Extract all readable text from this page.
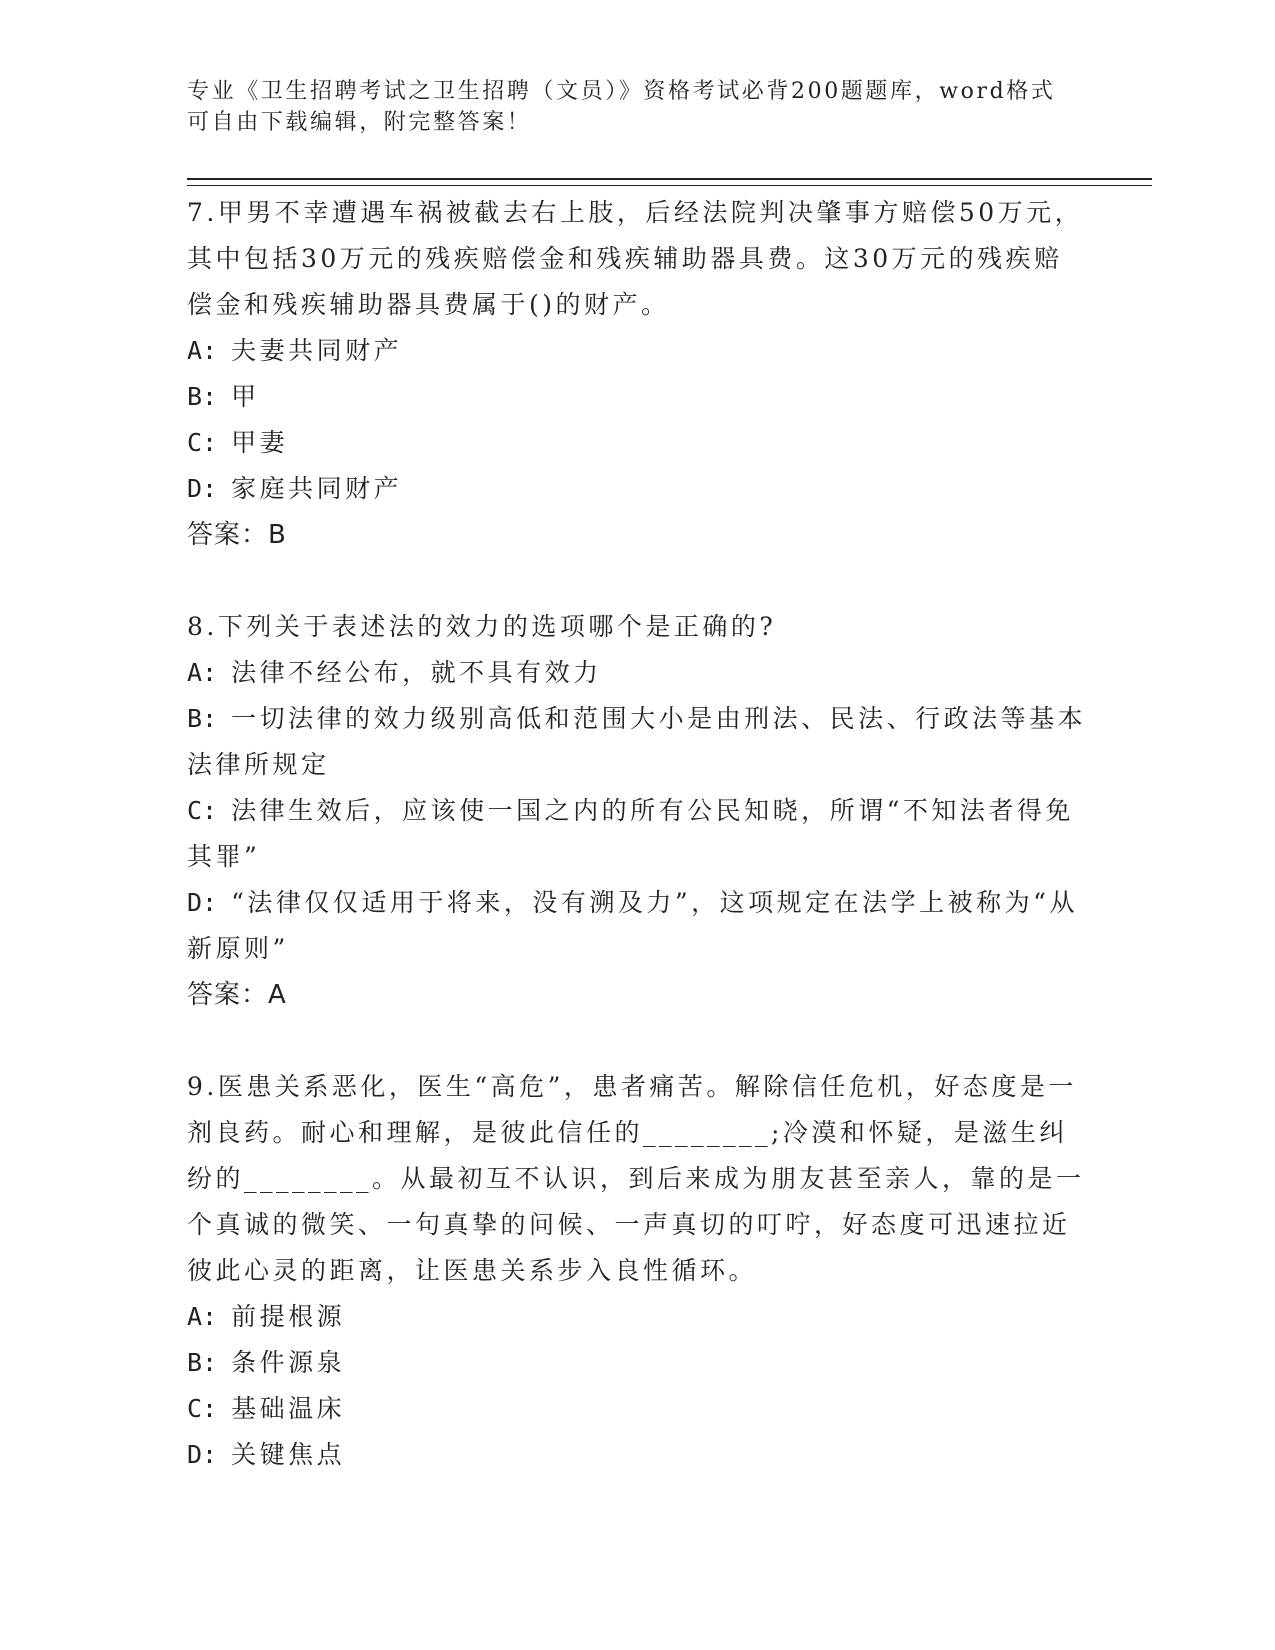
专业《卫生招聘考试之卫生招聘（文员）》资格考试必背200题题库，word格式
可自由下载编辑，附完整答案！
7.甲男不幸遭遇车祸被截去右上肢，后经法院判决肇事方赔偿50万元，其中包括30万元的残疾赔偿金和残疾辅助器具费。这30万元的残疾赔偿金和残疾辅助器具费属于()的财产。
A: 夫妻共同财产
B: 甲
C: 甲妻
D: 家庭共同财产
答案：B
8.下列关于表述法的效力的选项哪个是正确的?
A: 法律不经公布，就不具有效力
B: 一切法律的效力级别高低和范围大小是由刑法、民法、行政法等基本法律所规定
C: 法律生效后，应该使一国之内的所有公民知晓，所谓“不知法者得免其罪”
D: “法律仅仅适用于将来，没有溯及力”，这项规定在法学上被称为“从新原则”
答案：A
9.医患关系恶化，医生“高危”，患者痛苦。解除信任危机，好态度是一剂良药。耐心和理解，是彼此信任的________;冷漠和怀疑，是滋生纠纷的________。从最初互不认识，到后来成为朋友甚至亲人，靠的是一个真诚的微笑、一句真挚的问候、一声真切的叮咛，好态度可迅速拉近彼此心灵的距离，让医患关系步入良性循环。
A: 前提根源
B: 条件源泉
C: 基础温床
D: 关键焦点
